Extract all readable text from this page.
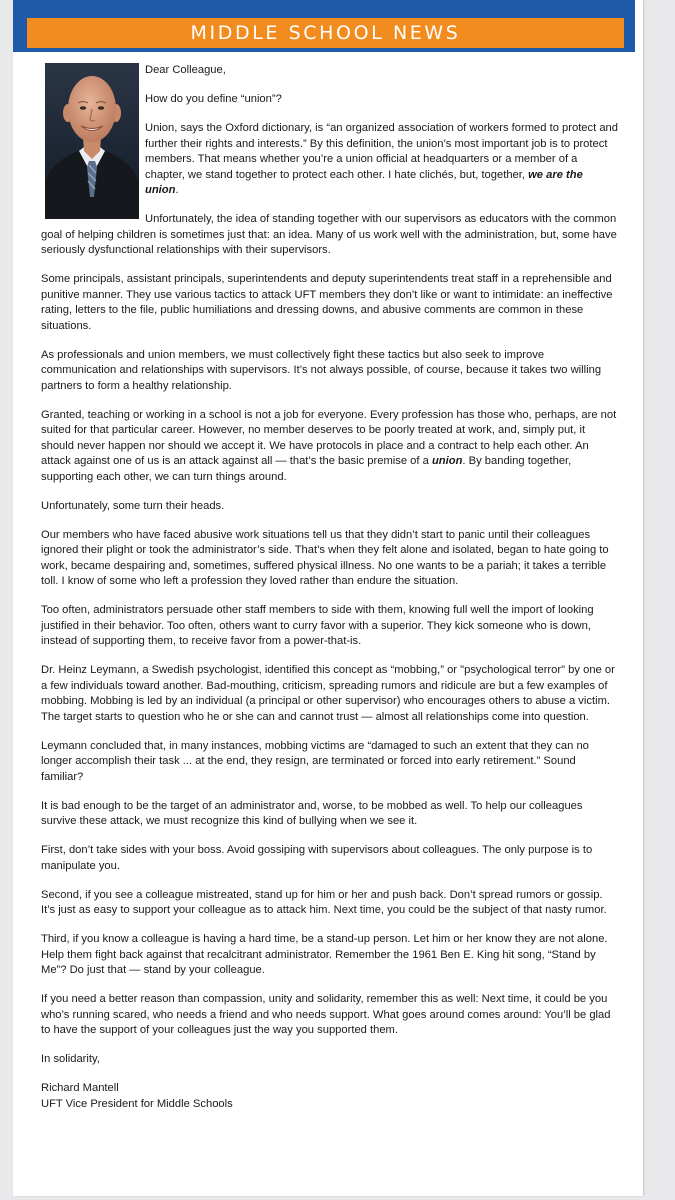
MIDDLE SCHOOL NEWS

Dear Colleague,

How do you define “union”?

Union, says the Oxford dictionary, is “an organized association of workers formed to protect and further their rights and interests.” By this definition, the union’s most important job is to protect members. That means whether you’re a union official at headquarters or a member of a chapter, we stand together to protect each other. I hate clichés, but, together, we are the union.

Unfortunately, the idea of standing together with our supervisors as educators with the common goal of helping children is sometimes just that: an idea. Many of us work well with the administration, but, some have seriously dysfunctional relationships with their supervisors.

Some principals, assistant principals, superintendents and deputy superintendents treat staff in a reprehensible and punitive manner. They use various tactics to attack UFT members they don’t like or want to intimidate: an ineffective rating, letters to the file, public humiliations and dressing downs, and abusive comments are common in these situations.

As professionals and union members, we must collectively fight these tactics but also seek to improve communication and relationships with supervisors. It’s not always possible, of course, because it takes two willing partners to form a healthy relationship.

Granted, teaching or working in a school is not a job for everyone. Every profession has those who, perhaps, are not suited for that particular career. However, no member deserves to be poorly treated at work, and, simply put, it should never happen nor should we accept it. We have protocols in place and a contract to help each other. An attack against one of us is an attack against all — that’s the basic premise of a union. By banding together, supporting each other, we can turn things around.

Unfortunately, some turn their heads.

Our members who have faced abusive work situations tell us that they didn’t start to panic until their colleagues ignored their plight or took the administrator’s side. That’s when they felt alone and isolated, began to hate going to work, became despairing and, sometimes, suffered physical illness. No one wants to be a pariah; it takes a terrible toll. I know of some who left a profession they loved rather than endure the situation.

Too often, administrators persuade other staff members to side with them, knowing full well the import of looking justified in their behavior. Too often, others want to curry favor with a superior. They kick someone who is down, instead of supporting them, to receive favor from a power-that-is.

Dr. Heinz Leymann, a Swedish psychologist, identified this concept as “mobbing,” or "psychological terror" by one or a few individuals toward another. Bad-mouthing, criticism, spreading rumors and ridicule are but a few examples of mobbing. Mobbing is led by an individual (a principal or other supervisor) who encourages others to abuse a victim. The target starts to question who he or she can and cannot trust — almost all relationships come into question.

Leymann concluded that, in many instances, mobbing victims are “damaged to such an extent that they can no longer accomplish their task ... at the end, they resign, are terminated or forced into early retirement.” Sound familiar?

It is bad enough to be the target of an administrator and, worse, to be mobbed as well. To help our colleagues survive these attack, we must recognize this kind of bullying when we see it.

First, don’t take sides with your boss. Avoid gossiping with supervisors about colleagues. The only purpose is to manipulate you.

Second, if you see a colleague mistreated, stand up for him or her and push back. Don’t spread rumors or gossip. It’s just as easy to support your colleague as to attack him. Next time, you could be the subject of that nasty rumor.

Third, if you know a colleague is having a hard time, be a stand-up person. Let him or her know they are not alone. Help them fight back against that recalcitrant administrator. Remember the 1961 Ben E. King hit song, “Stand by Me”? Do just that — stand by your colleague.

If you need a better reason than compassion, unity and solidarity, remember this as well: Next time, it could be you who’s running scared, who needs a friend and who needs support. What goes around comes around: You’ll be glad to have the support of your colleagues just the way you supported them.

In solidarity,

Richard Mantell
UFT Vice President for Middle Schools
